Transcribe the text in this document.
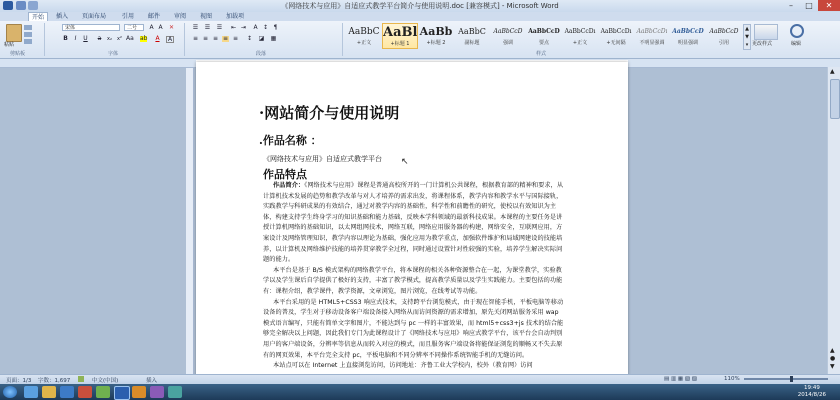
《网络技术与应用》自适应式教学平台简介与使用说明.doc [兼容模式] - Microsoft Word	–	□	✕
开始	插入 页面布局	引用 邮件 审阅 视图 加载项
粘贴
剪贴板
宋体	二号	A A ✕
B	I	U a	x₂ x² Aa ab A	A
字体
☰ ☰ ☰ ⇤ ⇥ A ↕ ¶
≡ ≡ ≡ ≡ ≡ ↕ ◪ ▦
段落
AaBbC
+正文
AaBl
+标题 1
AaBb
+标题 2
AaBbC
副标题
AaBbCcD
强调
AaBbCcD
要点
AaBbCcDı
+正文
AaBbCcDı
+无间隔
AaBbCcDı
不明显强调
AaBbCcD
明显强调
AaBbCcD
引用
▲
▼
▾
样式
更改样式	编辑
·网站简介与使用说明
.作品名称 ：
《网络技术与应用》自适应式教学平台 ↖
作品特点
作品简介：《网络技术与应用》课程是普通高校所开的一门计算机公共课程，根据教育部的精神和要求，从计算机技术发展的趋势和教学改革与对人才培养的需求出发，将课程体系，教学内容和教学水平与国际接轨，实践教学与科研成果的有效结合，通过对教学内容的基础性，科学性和前瞻性的研究，使校以有效知识为主体，构建支持学生终身学习的知识基础和能力基础，反映本学科领域的最新科技成果。本课程的主要任务是讲授计算机网络的基础知识，以太网组网技术，网络互联，网络应用服务器的构建，网络安全，互联网应用，方案设计及网络管理知识，教学内容以理论为基础，强化应用为教学重点，加强软件维护和局域网建设的技能培养，以计算机及网络维护技能的培养贯穿教学全过程，同时通过设置针对性较强的实验，培养学生解决实际问题的能力。
本平台是基于 B/S 模式架构的网络教学平台，将本课程的相关各种资源整合在一起，为课堂教学，实验教学以及学生课后自学提供了极好的支持，丰富了教学模式，提高教学质量以及学生实践能力。主要包括的功能有：课程介绍，教学课件，教学资源，文章浏览，图片浏览，在线考试等功能。
本平台采用的是 HTML5+CSS3 响应式技术，支持跨平台浏览模式，由于现在智能手机，平板电脑等移动设备的普及，学生对于移动设备客户端设备接入网络从而访问资源的需求增加，原先关闭网站服务采用 wap 模式语言编写，只能有简单文字和图片，不能达到与 pc 一样的丰富效果，而 html5+css3+js 技术的结合能够完全解决以上问题，因此我们专门为此课程设计了《网络技术与应用》响应式教学平台，该平台会自动判别用户的客户端设备，分辨率等信息从而转入对应的模式，而且服务客户端设备将能保证浏览的顺畅又不失去原有的网页效果，本平台完全支持 pc，平板电脑和不同分辨率不同操作系统智能手机的无缝访问。
本站点可以在 Internet 上直接浏览访问，访问地址：齐鲁工业大学校内，校外（教育网）访问
▲
▲
●
▼
页面：1/3 字数：1,697	中文(中国)	插入	▤ ▥ ▦ ▧ ▨	110%
19:49
2014/8/26
